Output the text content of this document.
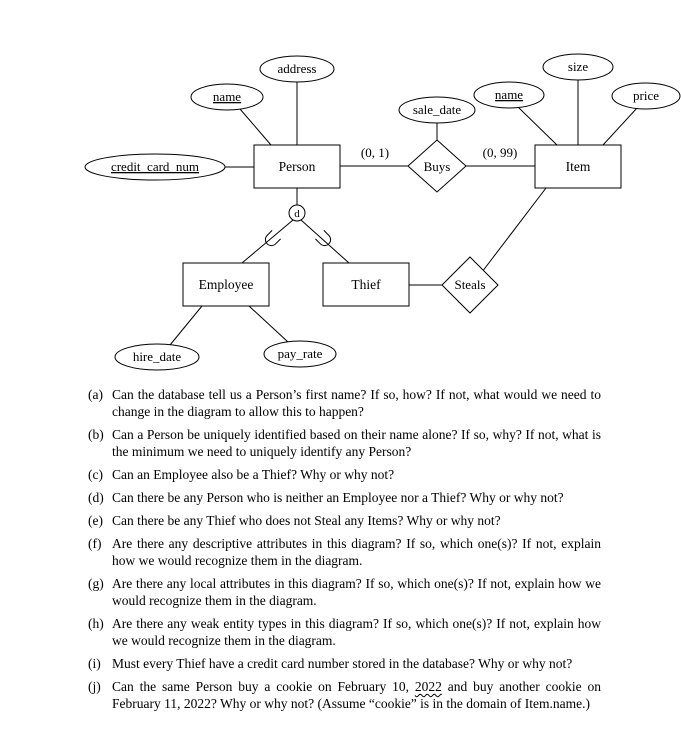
Person	Item
Employee	Thief
Buys
Steals
name
address
credit_card_num
sale_date
name
size
price
hire_date	pay_rate
(0, 1)	(0, 99)
d
(a) Can the database tell us a Person’s first name? If so, how? If not, what would we need to change in the diagram to allow this to happen?
(b) Can a Person be uniquely identified based on their name alone? If so, why? If not, what is the minimum we need to uniquely identify any Person?
(c) Can an Employee also be a Thief? Why or why not?
(d) Can there be any Person who is neither an Employee nor a Thief? Why or why not?
(e) Can there be any Thief who does not Steal any Items? Why or why not?
(f) Are there any descriptive attributes in this diagram? If so, which one(s)? If not, explain how we would recognize them in the diagram.
(g) Are there any local attributes in this diagram? If so, which one(s)? If not, explain how we would recognize them in the diagram.
(h) Are there any weak entity types in this diagram? If so, which one(s)? If not, explain how we would recognize them in the diagram.
(i) Must every Thief have a credit card number stored in the database? Why or why not?
(j) Can the same Person buy a cookie on February 10, 2022 and buy another cookie on February 11, 2022? Why or why not? (Assume “cookie” is in the domain of Item.name.)
